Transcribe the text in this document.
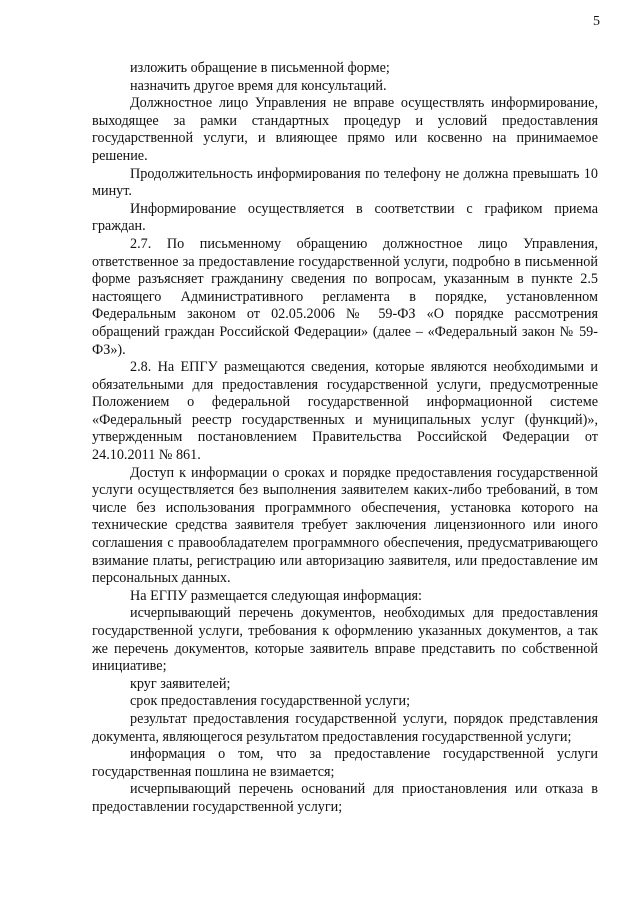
5

изложить обращение в письменной форме;

назначить другое время для консультаций.

Должностное лицо Управления не вправе осуществлять информирование, выходящее за рамки стандартных процедур и условий предоставления государственной услуги, и влияющее прямо или косвенно на принимаемое решение.

Продолжительность информирования по телефону не должна превышать 10 минут.

Информирование осуществляется в соответствии с графиком приема граждан.

2.7. По письменному обращению должностное лицо Управления, ответственное за предоставление государственной услуги, подробно в письменной форме разъясняет гражданину сведения по вопросам, указанным в пункте 2.5 настоящего Административного регламента в порядке, установленном Федеральным законом от 02.05.2006 № 59-ФЗ «О порядке рассмотрения обращений граждан Российской Федерации» (далее – «Федеральный закон № 59-ФЗ»).

2.8. На ЕПГУ размещаются сведения, которые являются необходимыми и обязательными для предоставления государственной услуги, предусмотренные Положением о федеральной государственной информационной системе «Федеральный реестр государственных и муниципальных услуг (функций)», утвержденным постановлением Правительства Российской Федерации от 24.10.2011 № 861.

Доступ к информации о сроках и порядке предоставления государственной услуги осуществляется без выполнения заявителем каких-либо требований, в том числе без использования программного обеспечения, установка которого на технические средства заявителя требует заключения лицензионного или иного соглашения с правообладателем программного обеспечения, предусматривающего взимание платы, регистрацию или авторизацию заявителя, или предоставление им персональных данных.

На ЕГПУ размещается следующая информация:

исчерпывающий перечень документов, необходимых для предоставления государственной услуги, требования к оформлению указанных документов, а так же перечень документов, которые заявитель вправе представить по собственной инициативе;

круг заявителей;

срок предоставления государственной услуги;

результат предоставления государственной услуги, порядок представления документа, являющегося результатом предоставления государственной услуги;

информация о том, что за предоставление государственной услуги государственная пошлина не взимается;

исчерпывающий перечень оснований для приостановления или отказа в предоставлении государственной услуги;
